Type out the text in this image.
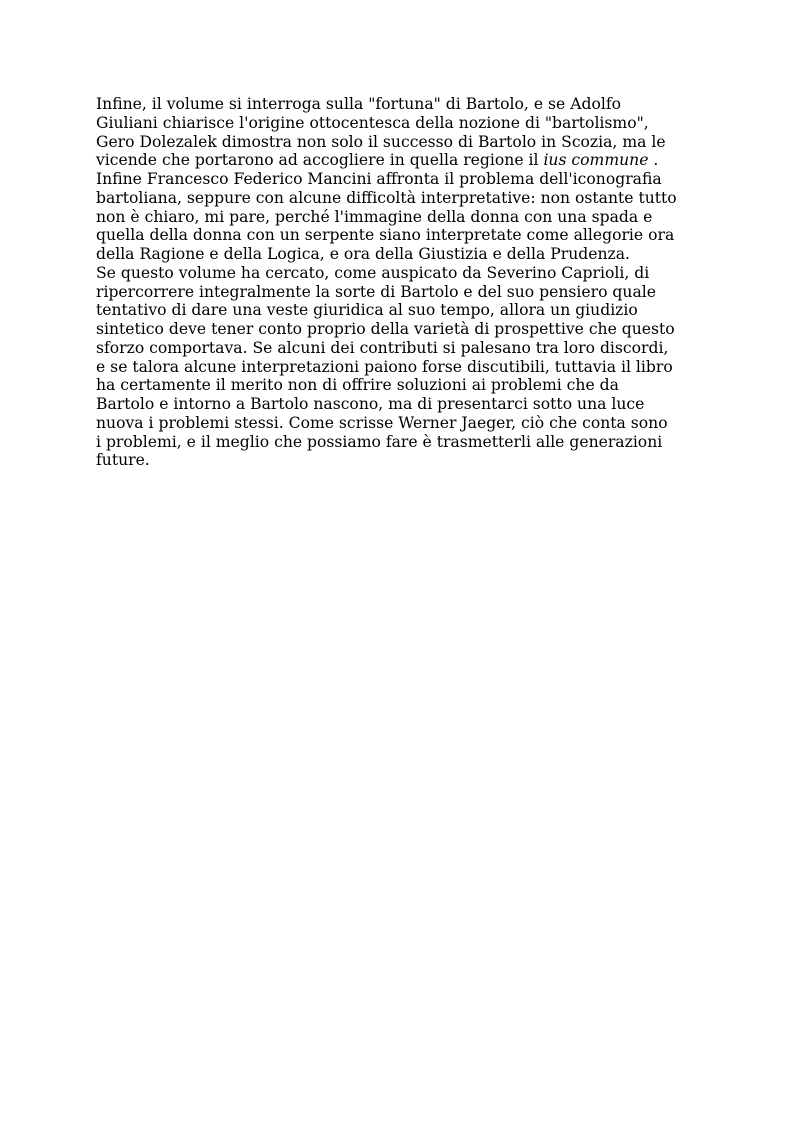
Infine, il volume si interroga sulla "fortuna" di Bartolo, e se Adolfo
Giuliani chiarisce l'origine ottocentesca della nozione di "bartolismo",
Gero Dolezalek dimostra non solo il successo di Bartolo in Scozia, ma le
vicende che portarono ad accogliere in quella regione il ius commune .
Infine Francesco Federico Mancini affronta il problema dell'iconografia
bartoliana, seppure con alcune difficoltà interpretative: non ostante tutto
non è chiaro, mi pare, perché l'immagine della donna con una spada e
quella della donna con un serpente siano interpretate come allegorie ora
della Ragione e della Logica, e ora della Giustizia e della Prudenza.
Se questo volume ha cercato, come auspicato da Severino Caprioli, di
ripercorrere integralmente la sorte di Bartolo e del suo pensiero quale
tentativo di dare una veste giuridica al suo tempo, allora un giudizio
sintetico deve tener conto proprio della varietà di prospettive che questo
sforzo comportava. Se alcuni dei contributi si palesano tra loro discordi,
e se talora alcune interpretazioni paiono forse discutibili, tuttavia il libro
ha certamente il merito non di offrire soluzioni ai problemi che da
Bartolo e intorno a Bartolo nascono, ma di presentarci sotto una luce
nuova i problemi stessi. Come scrisse Werner Jaeger, ciò che conta sono
i problemi, e il meglio che possiamo fare è trasmetterli alle generazioni
future.
